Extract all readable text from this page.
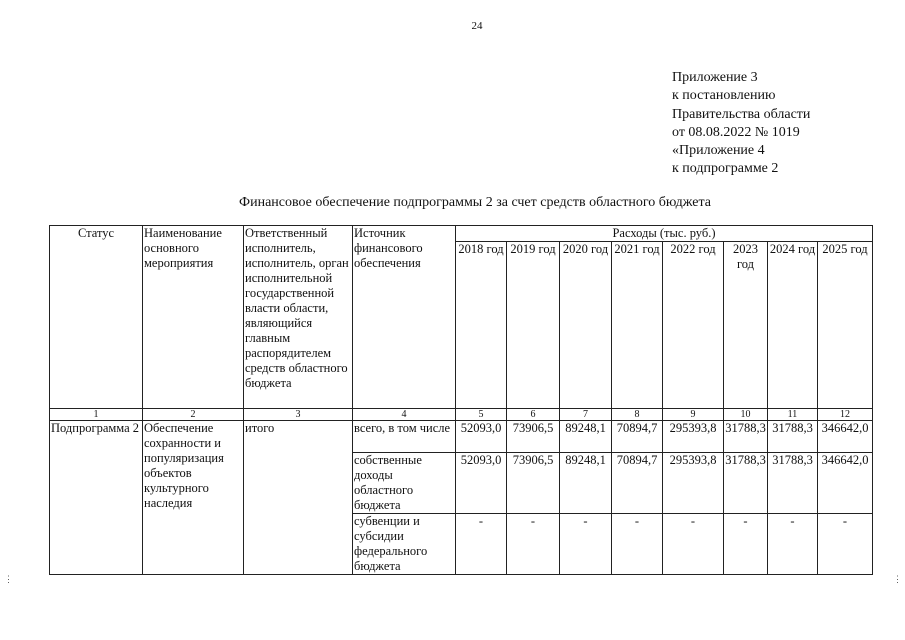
24
Приложение 3
к постановлению
Правительства области
от 08.08.2022 № 1019
«Приложение 4
к подпрограмме 2
Финансовое обеспечение подпрограммы 2 за счет средств областного бюджета
Статус	Наименование основного мероприятия	Ответственный исполнитель, исполнитель, орган исполнительной государственной власти области, являющийся главным распорядителем средств областного бюджета	Источник финансового обеспечения	Расходы (тыс. руб.)							
				2018 год	2019 год	2020 год	2021 год	2022 год	2023 год	2024 год	2025 год
1	2	3	4	5	6	7	8	9	10	11	12
Подпрограмма 2	Обеспечение сохранности и популяризация объектов культурного наследия	итого	всего, в том числе	52093,0	73906,5	89248,1	70894,7	295393,8	31788,3	31788,3	346642,0
			собственные доходы областного бюджета	52093,0	73906,5	89248,1	70894,7	295393,8	31788,3	31788,3	346642,0
			субвенции и субсидии федерального бюджета	-	-	-	-	-	-	-	-
⋮	⋮
